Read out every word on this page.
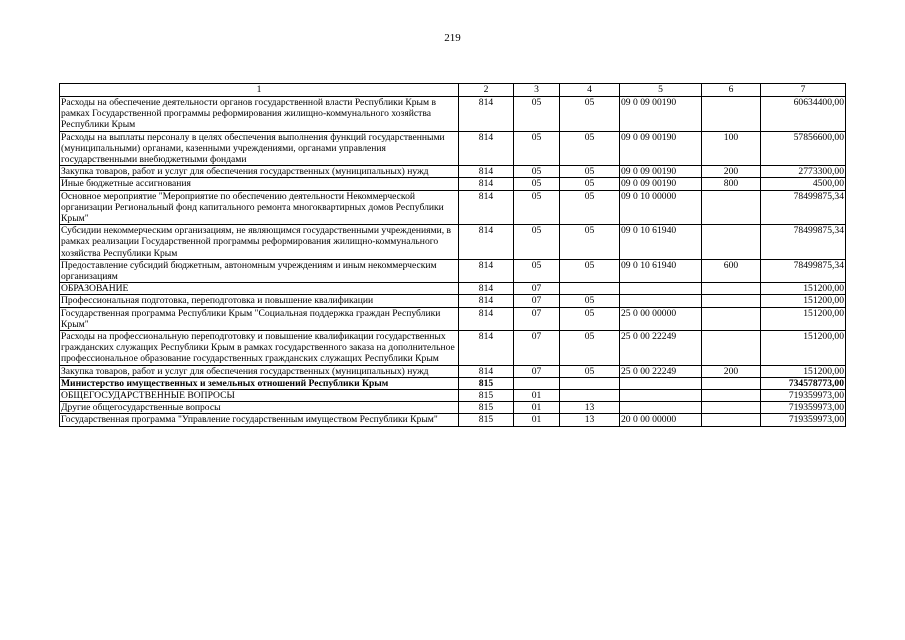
219
1	2	3	4	5	6	7
Расходы на обеспечение деятельности органов государственной власти Республики Крым в рамках Государственной программы реформирования жилищно-коммунального хозяйства Республики Крым	814	05	05	09 0 09 00190		60634400,00
Расходы на выплаты персоналу в целях обеспечения выполнения функций государственными (муниципальными) органами, казенными учреждениями, органами управления государственными внебюджетными фондами	814	05	05	09 0 09 00190	100	57856600,00
Закупка товаров, работ и услуг для обеспечения государственных (муниципальных) нужд	814	05	05	09 0 09 00190	200	2773300,00
Иные бюджетные ассигнования	814	05	05	09 0 09 00190	800	4500,00
Основное мероприятие "Мероприятие по обеспечению деятельности Некоммерческой организации Региональный фонд капитального ремонта многоквартирных домов Республики Крым"	814	05	05	09 0 10 00000		78499875,34
Субсидии некоммерческим организациям, не являющимся государственными учреждениями, в рамках реализации Государственной программы реформирования жилищно-коммунального хозяйства Республики Крым	814	05	05	09 0 10 61940		78499875,34
Предоставление субсидий бюджетным, автономным учреждениям и иным некоммерческим организациям	814	05	05	09 0 10 61940	600	78499875,34
ОБРАЗОВАНИЕ	814	07				151200,00
Профессиональная подготовка, переподготовка и повышение квалификации	814	07	05			151200,00
Государственная программа Республики Крым "Социальная поддержка граждан Республики Крым"	814	07	05	25 0 00 00000		151200,00
Расходы на профессиональную переподготовку и повышение квалификации государственных гражданских служащих Республики Крым в рамках государственного заказа на дополнительное профессиональное образование государственных гражданских служащих Республики Крым	814	07	05	25 0 00 22249		151200,00
Закупка товаров, работ и услуг для обеспечения государственных (муниципальных) нужд	814	07	05	25 0 00 22249	200	151200,00
Министерство имущественных и земельных отношений Республики Крым	815					734578773,00
ОБЩЕГОСУДАРСТВЕННЫЕ ВОПРОСЫ	815	01				719359973,00
Другие общегосударственные вопросы	815	01	13			719359973,00
Государственная программа "Управление государственным имуществом Республики Крым"	815	01	13	20 0 00 00000		719359973,00
